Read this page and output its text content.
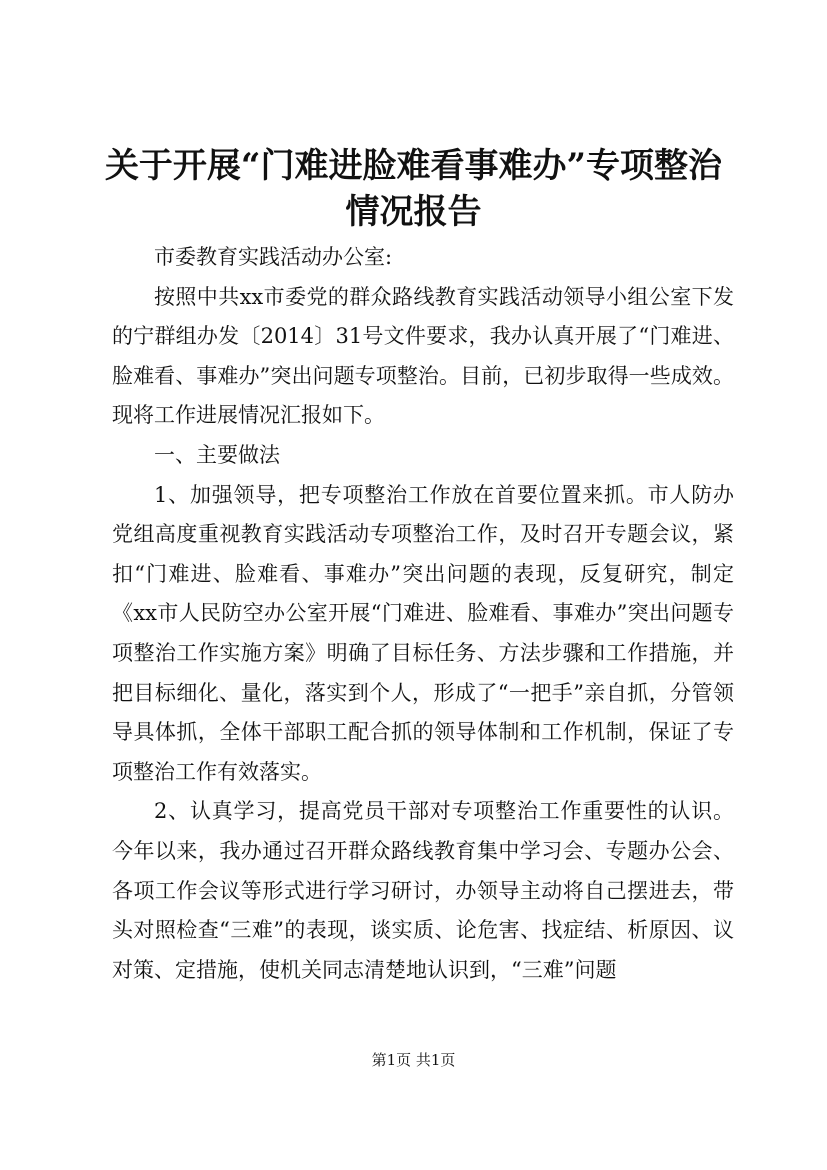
关于开展“门难进脸难看事难办”专项整治情况报告

市委教育实践活动办公室:

按照中共xx市委党的群众路线教育实践活动领导小组公室下发的宁群组办发〔2014〕31号文件要求，我办认真开展了“门难进、脸难看、事难办”突出问题专项整治。目前，已初步取得一些成效。现将工作进展情况汇报如下。

一、主要做法

1、加强领导，把专项整治工作放在首要位置来抓。市人防办党组高度重视教育实践活动专项整治工作，及时召开专题会议，紧扣“门难进、脸难看、事难办”突出问题的表现，反复研究，制定《xx市人民防空办公室开展“门难进、脸难看、事难办”突出问题专项整治工作实施方案》明确了目标任务、方法步骤和工作措施，并把目标细化、量化，落实到个人，形成了“一把手”亲自抓，分管领导具体抓，全体干部职工配合抓的领导体制和工作机制，保证了专项整治工作有效落实。

2、认真学习，提高党员干部对专项整治工作重要性的认识。今年以来，我办通过召开群众路线教育集中学习会、专题办公会、各项工作会议等形式进行学习研讨，办领导主动将自己摆进去，带头对照检查“三难”的表现，谈实质、论危害、找症结、析原因、议对策、定措施，使机关同志清楚地认识到，“三难”问题

第1页 共1页
